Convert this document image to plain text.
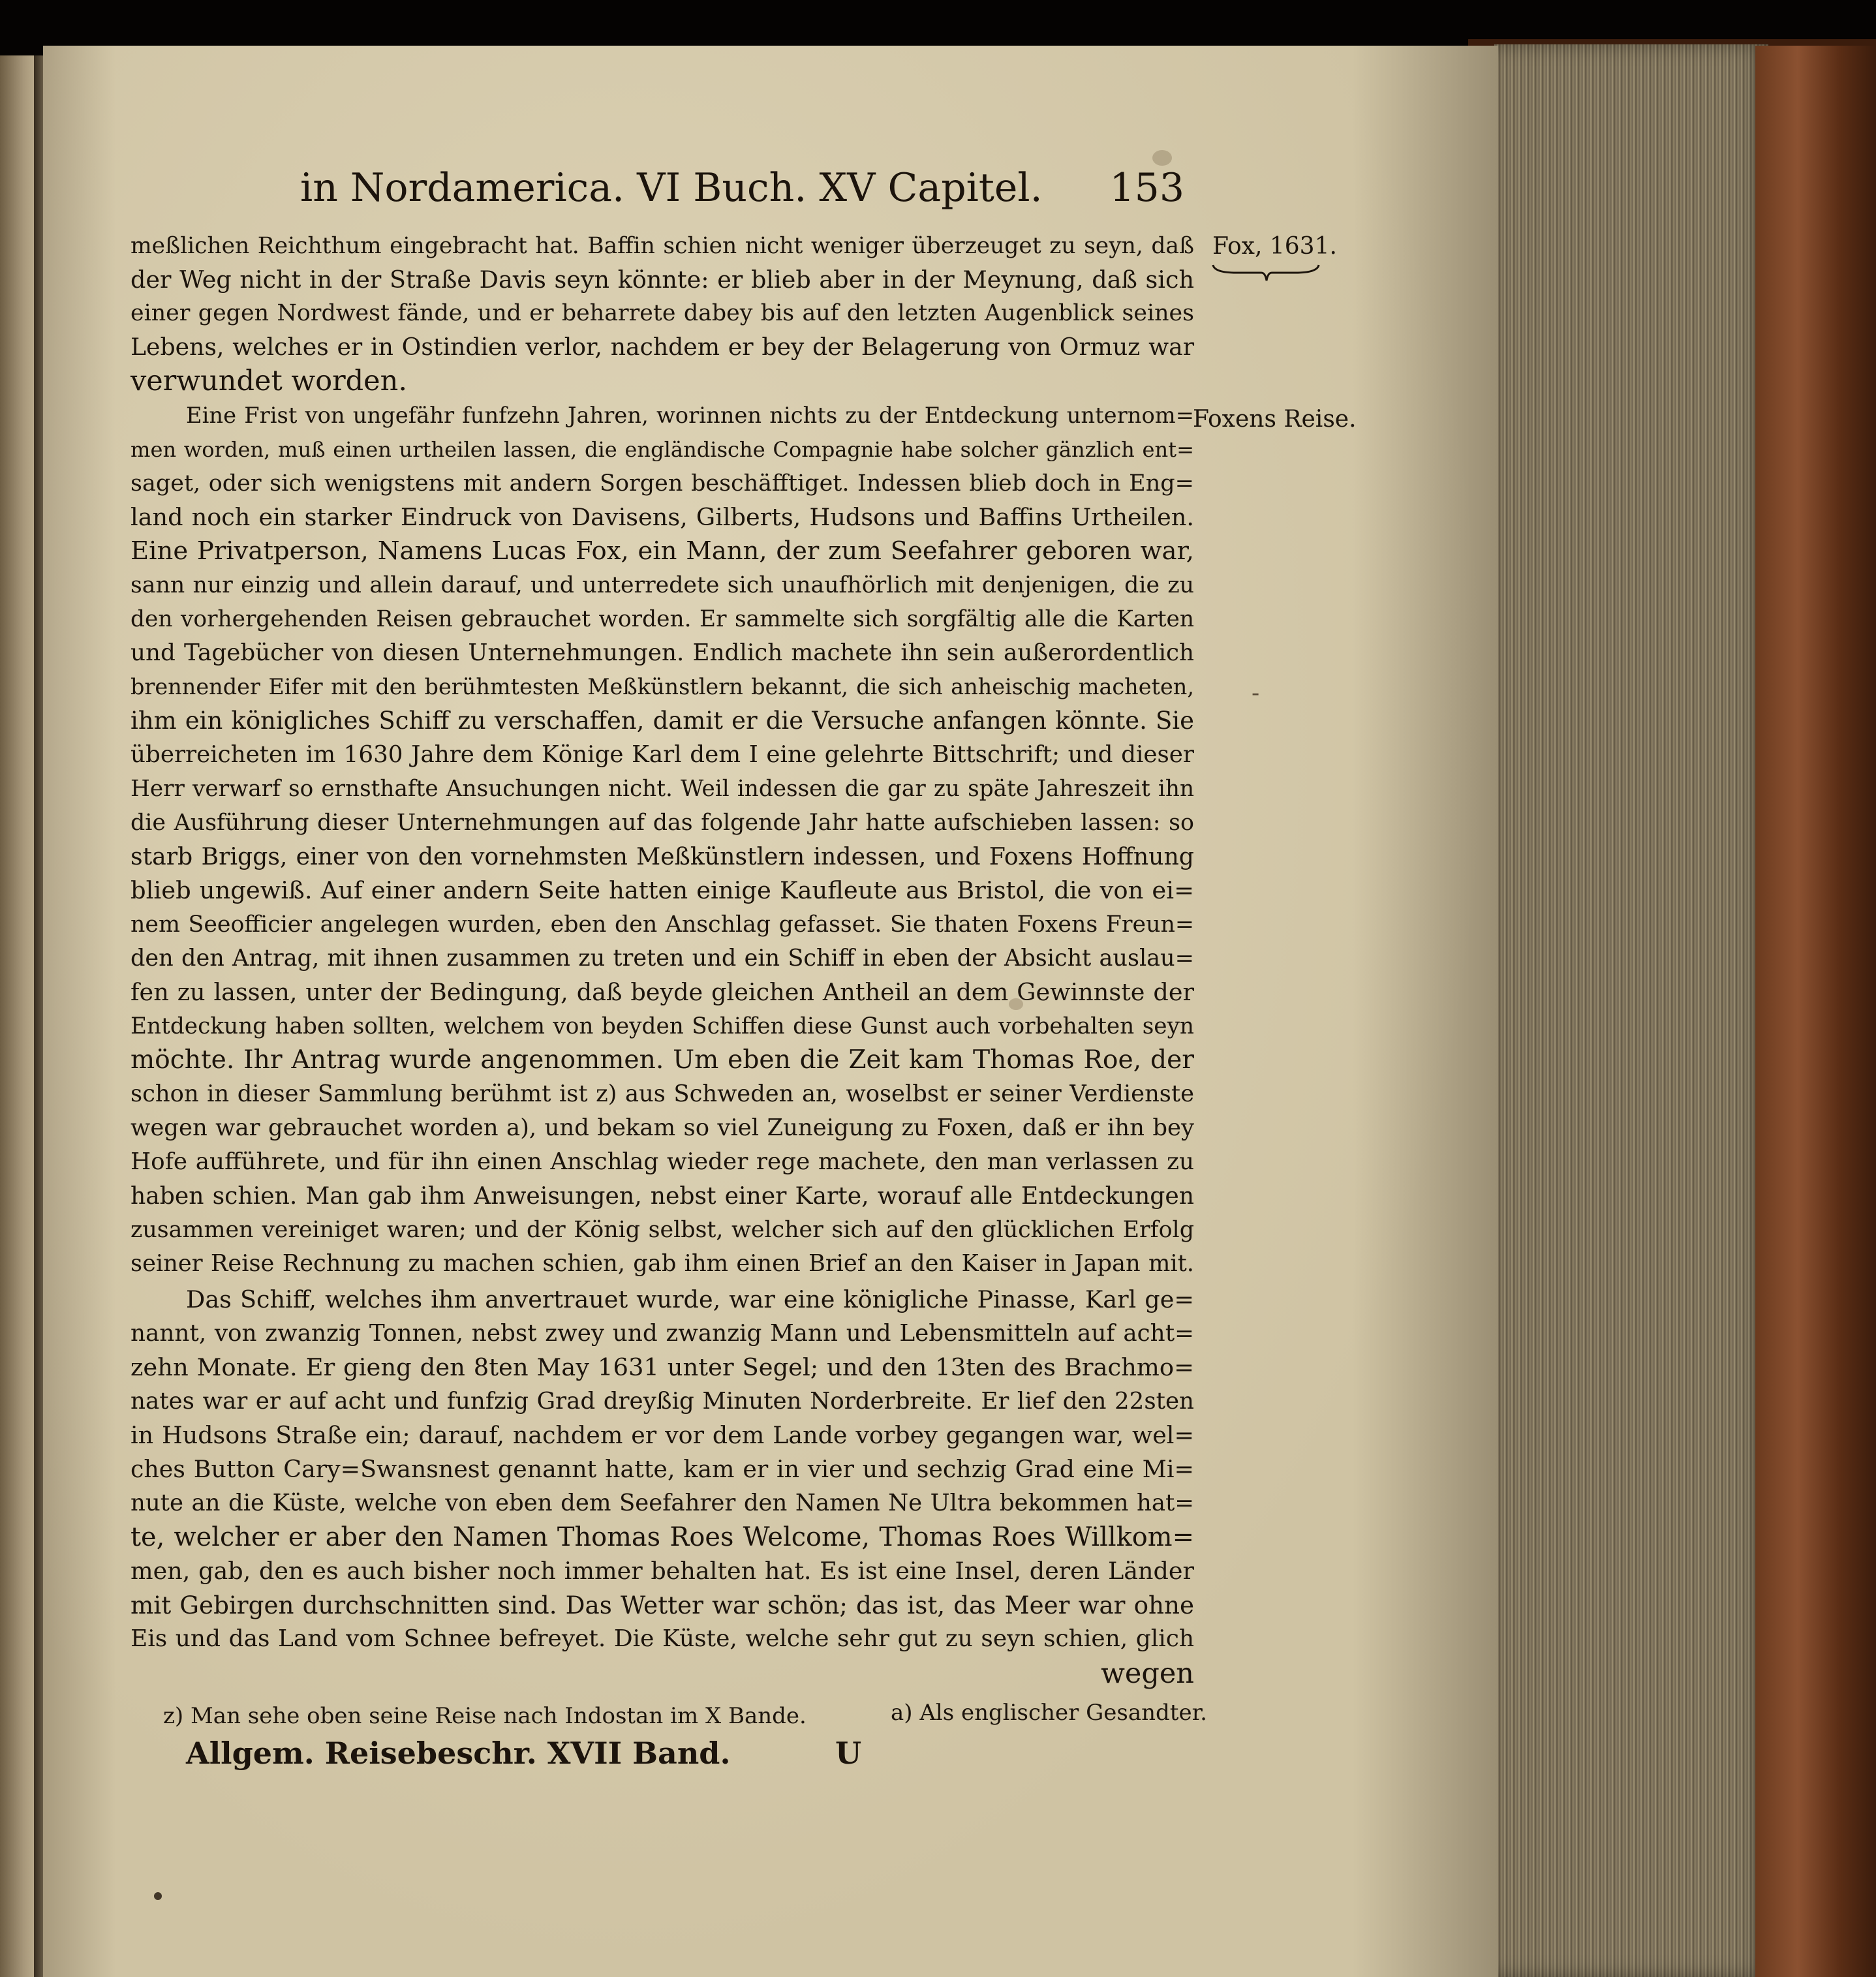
in Nordamerica. VI Buch. XV Capitel. 153
Fox, 1631.
Foxens Reise.
-
meßlichen Reichthum eingebracht hat. Baffin schien nicht weniger überzeuget zu seyn, daß
der Weg nicht in der Straße Davis seyn könnte: er blieb aber in der Meynung, daß sich
einer gegen Nordwest fände, und er beharrete dabey bis auf den letzten Augenblick seines
Lebens, welches er in Ostindien verlor, nachdem er bey der Belagerung von Ormuz war
verwundet worden.
Eine Frist von ungefähr funfzehn Jahren, worinnen nichts zu der Entdeckung unternom=
men worden, muß einen urtheilen lassen, die engländische Compagnie habe solcher gänzlich ent=
saget, oder sich wenigstens mit andern Sorgen beschäfftiget. Indessen blieb doch in Eng=
land noch ein starker Eindruck von Davisens, Gilberts, Hudsons und Baffins Urtheilen.
Eine Privatperson, Namens Lucas Fox, ein Mann, der zum Seefahrer geboren war,
sann nur einzig und allein darauf, und unterredete sich unaufhörlich mit denjenigen, die zu
den vorhergehenden Reisen gebrauchet worden. Er sammelte sich sorgfältig alle die Karten
und Tagebücher von diesen Unternehmungen. Endlich machete ihn sein außerordentlich
brennender Eifer mit den berühmtesten Meßkünstlern bekannt, die sich anheischig macheten,
ihm ein königliches Schiff zu verschaffen, damit er die Versuche anfangen könnte. Sie
überreicheten im 1630 Jahre dem Könige Karl dem I eine gelehrte Bittschrift; und dieser
Herr verwarf so ernsthafte Ansuchungen nicht. Weil indessen die gar zu späte Jahreszeit ihn
die Ausführung dieser Unternehmungen auf das folgende Jahr hatte aufschieben lassen: so
starb Briggs, einer von den vornehmsten Meßkünstlern indessen, und Foxens Hoffnung
blieb ungewiß. Auf einer andern Seite hatten einige Kaufleute aus Bristol, die von ei=
nem Seeofficier angelegen wurden, eben den Anschlag gefasset. Sie thaten Foxens Freun=
den den Antrag, mit ihnen zusammen zu treten und ein Schiff in eben der Absicht auslau=
fen zu lassen, unter der Bedingung, daß beyde gleichen Antheil an dem Gewinnste der
Entdeckung haben sollten, welchem von beyden Schiffen diese Gunst auch vorbehalten seyn
möchte. Ihr Antrag wurde angenommen. Um eben die Zeit kam Thomas Roe, der
schon in dieser Sammlung berühmt ist z) aus Schweden an, woselbst er seiner Verdienste
wegen war gebrauchet worden a), und bekam so viel Zuneigung zu Foxen, daß er ihn bey
Hofe aufführete, und für ihn einen Anschlag wieder rege machete, den man verlassen zu
haben schien. Man gab ihm Anweisungen, nebst einer Karte, worauf alle Entdeckungen
zusammen vereiniget waren; und der König selbst, welcher sich auf den glücklichen Erfolg
seiner Reise Rechnung zu machen schien, gab ihm einen Brief an den Kaiser in Japan mit.
Das Schiff, welches ihm anvertrauet wurde, war eine königliche Pinasse, Karl ge=
nannt, von zwanzig Tonnen, nebst zwey und zwanzig Mann und Lebensmitteln auf acht=
zehn Monate. Er gieng den 8ten May 1631 unter Segel; und den 13ten des Brachmo=
nates war er auf acht und funfzig Grad dreyßig Minuten Norderbreite. Er lief den 22sten
in Hudsons Straße ein; darauf, nachdem er vor dem Lande vorbey gegangen war, wel=
ches Button Cary=Swansnest genannt hatte, kam er in vier und sechzig Grad eine Mi=
nute an die Küste, welche von eben dem Seefahrer den Namen Ne Ultra bekommen hat=
te, welcher er aber den Namen Thomas Roes Welcome, Thomas Roes Willkom=
men, gab, den es auch bisher noch immer behalten hat. Es ist eine Insel, deren Länder
mit Gebirgen durchschnitten sind. Das Wetter war schön; das ist, das Meer war ohne
Eis und das Land vom Schnee befreyet. Die Küste, welche sehr gut zu seyn schien, glich
wegen
z) Man sehe oben seine Reise nach Indostan im X Bande.	a) Als englischer Gesandter.
Allgem. Reisebeschr. XVII Band.	U
